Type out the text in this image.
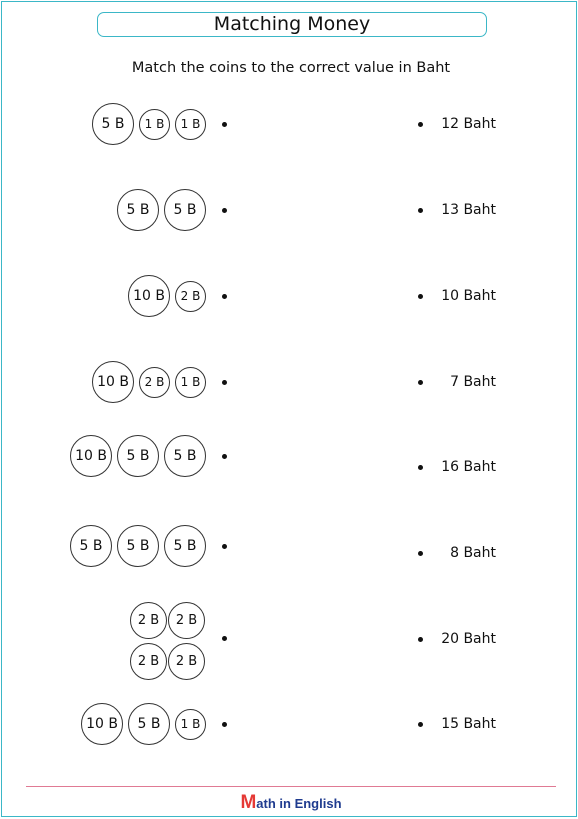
Matching Money
Match the coins to the correct value in Baht
1 B
1 B
5 B
5 B
5 B
2 B
10 B
1 B
2 B
10 B
5 B
5 B
10 B
5 B
5 B
5 B
2 B	2 B
2 B	2 B
1 B
5 B
10 B
12 Baht
13 Baht
10 Baht
7 Baht
16 Baht
8 Baht
20 Baht
15 Baht
Math in English
